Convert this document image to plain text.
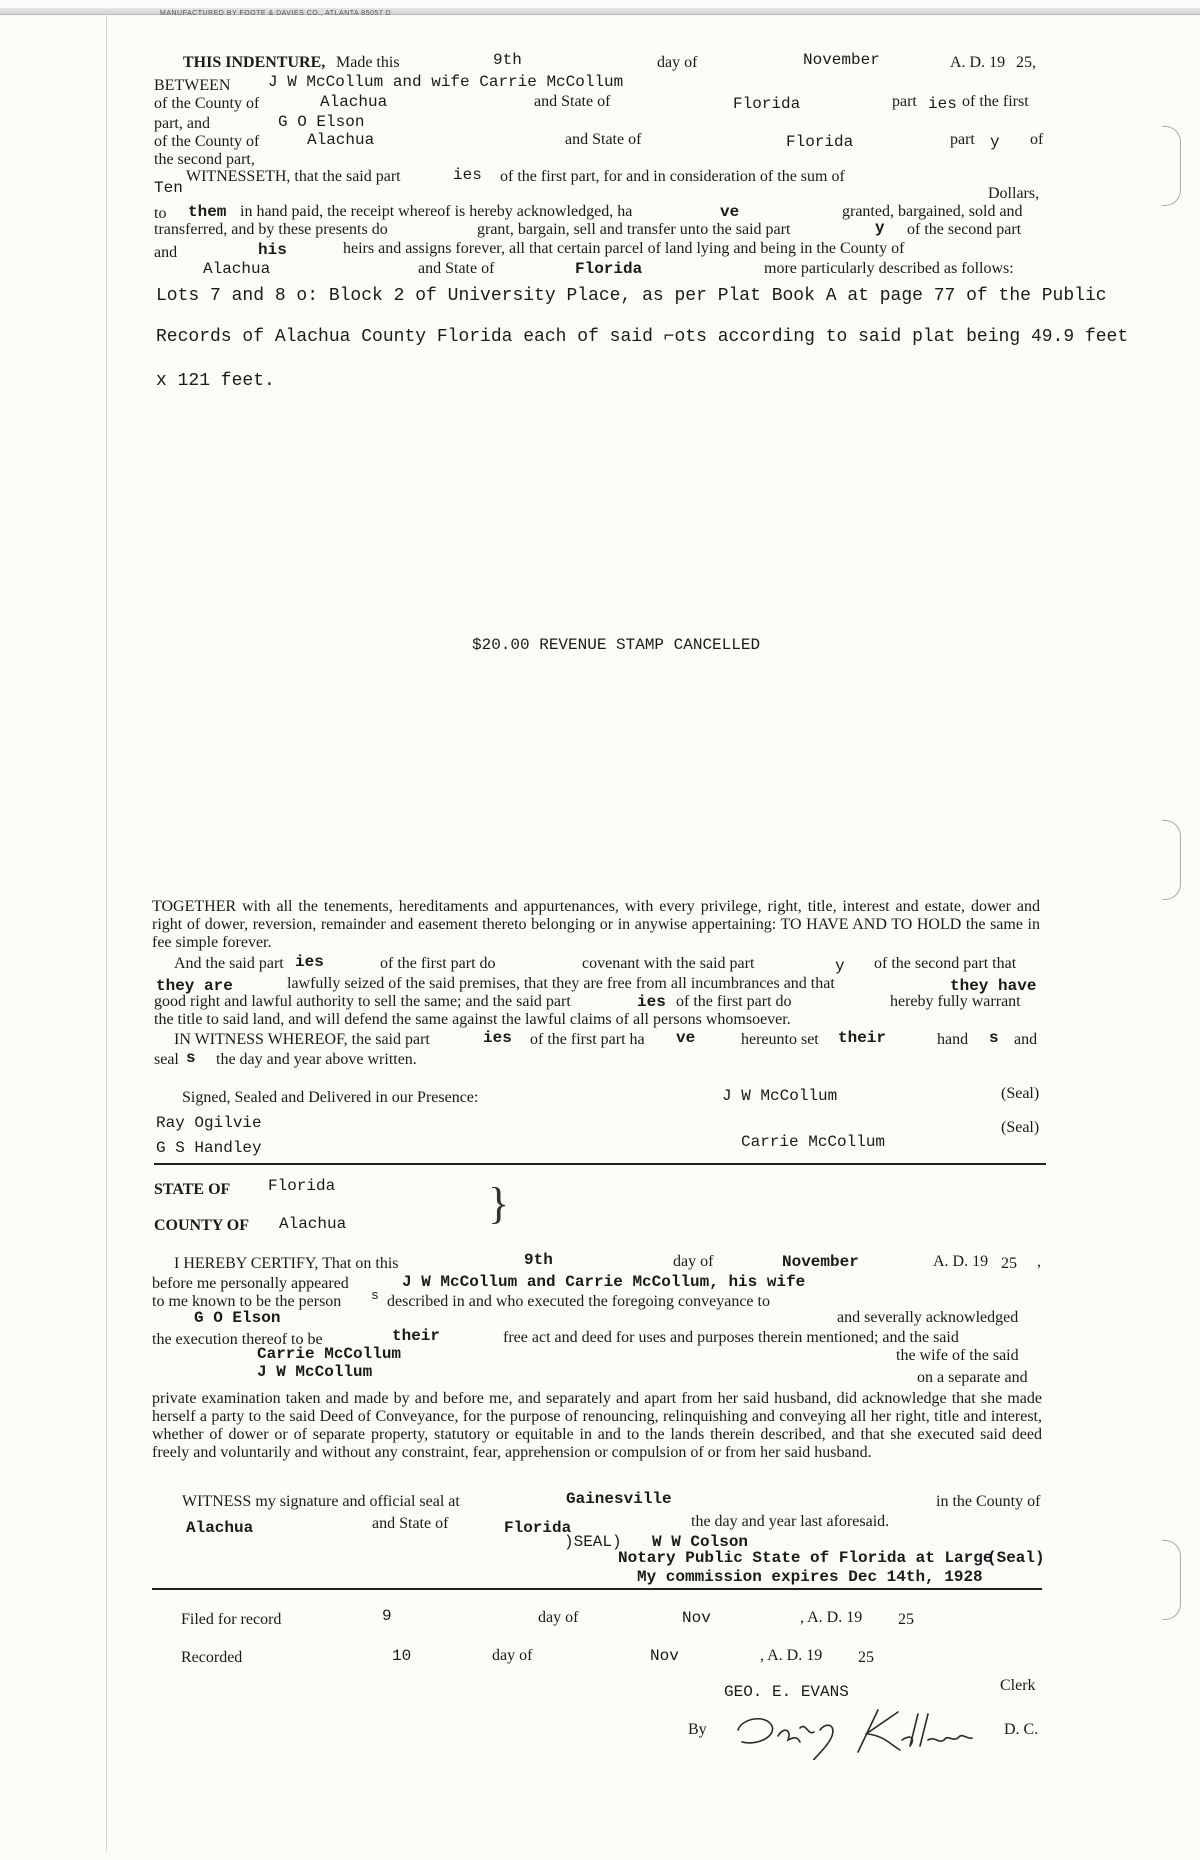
MANUFACTURED BY FOOTE & DAVIES CO., ATLANTA 85057 D
THIS INDENTURE, Made this	9th	day of	November	A. D. 19 25,
BETWEEN J W McCollum and wife Carrie McCollum
of the County of	Alachua	and State of	Florida	part ies of the first
part, and	G O Elson
of the County of	Alachua	and State of	Florida	part y of
the second part,
Ten
WITNESSETH, that the said part	ies of the first part, for and in consideration of the sum of
Dollars,
to them in hand paid, the receipt whereof is hereby acknowledged, ha	ve	granted, bargained, sold and
transferred, and by these presents do	grant, bargain, sell and transfer unto the said part	y of the second part
and	his	heirs and assigns forever, all that certain parcel of land lying and being in the County of
Alachua	and State of	Florida	more particularly described as follows:
Lots 7 and 8 o: Block 2 of University Place, as per Plat Book A at page 77 of the Public
Records of Alachua County Florida each of said ⌐ots according to said plat being 49.9 feet
x 121 feet.
$20.00 REVENUE STAMP CANCELLED
TOGETHER with all the tenements, hereditaments and appurtenances, with every privilege, right, title, interest and estate, dower and right of dower, reversion, remainder and easement thereto belonging or in anywise appertaining: TO HAVE AND TO HOLD the same in fee simple forever.
And the said part ies	of the first part do	covenant with the said part	y of the second part that
they are	lawfully seized of the said premises, that they are free from all incumbrances and that	they have
good right and lawful authority to sell the same; and the said part	ies of the first part do	hereby fully warrant
the title to said land, and will defend the same against the lawful claims of all persons whomsoever.
IN WITNESS WHEREOF, the said part	ies of the first part ha ve	hereunto set their	hand s and
seal s the day and year above written.
Signed, Sealed and Delivered in our Presence:	J W McCollum	(Seal)
Ray Ogilvie	(Seal)
G S Handley	Carrie McCollum
STATE OF Florida	}
COUNTY OF Alachua
I HEREBY CERTIFY, That on this	9th	day of	November	A. D. 19 25 ,
before me personally appeared	J W McCollum and Carrie McCollum, his wife
to me known to be the person s described in and who executed the foregoing conveyance to
G O Elson	and severally acknowledged
the execution thereof to be	their	free act and deed for uses and purposes therein mentioned; and the said
Carrie McCollum	the wife of the said
J W McCollum	on a separate and
private examination taken and made by and before me, and separately and apart from her said husband, did acknowledge that she made herself a party to the said Deed of Conveyance, for the purpose of renouncing, relinquishing and conveying all her right, title and interest, whether of dower or of separate property, statutory or equitable in and to the lands therein described, and that she executed said deed freely and voluntarily and without any constraint, fear, apprehension or compulsion of or from her said husband.
WITNESS my signature and official seal at	Gainesville	in the County of
Alachua	and State of	Florida	the day and year last aforesaid.
)SEAL) W W Colson
Notary Public State of Florida at Large
(Seal)
My commission expires Dec 14th, 1928
Filed for record	9	day of	Nov	, A. D. 19 25
Recorded	10	day of	Nov	, A. D. 19 25
GEO. E. EVANS	Clerk
By	D. C.
